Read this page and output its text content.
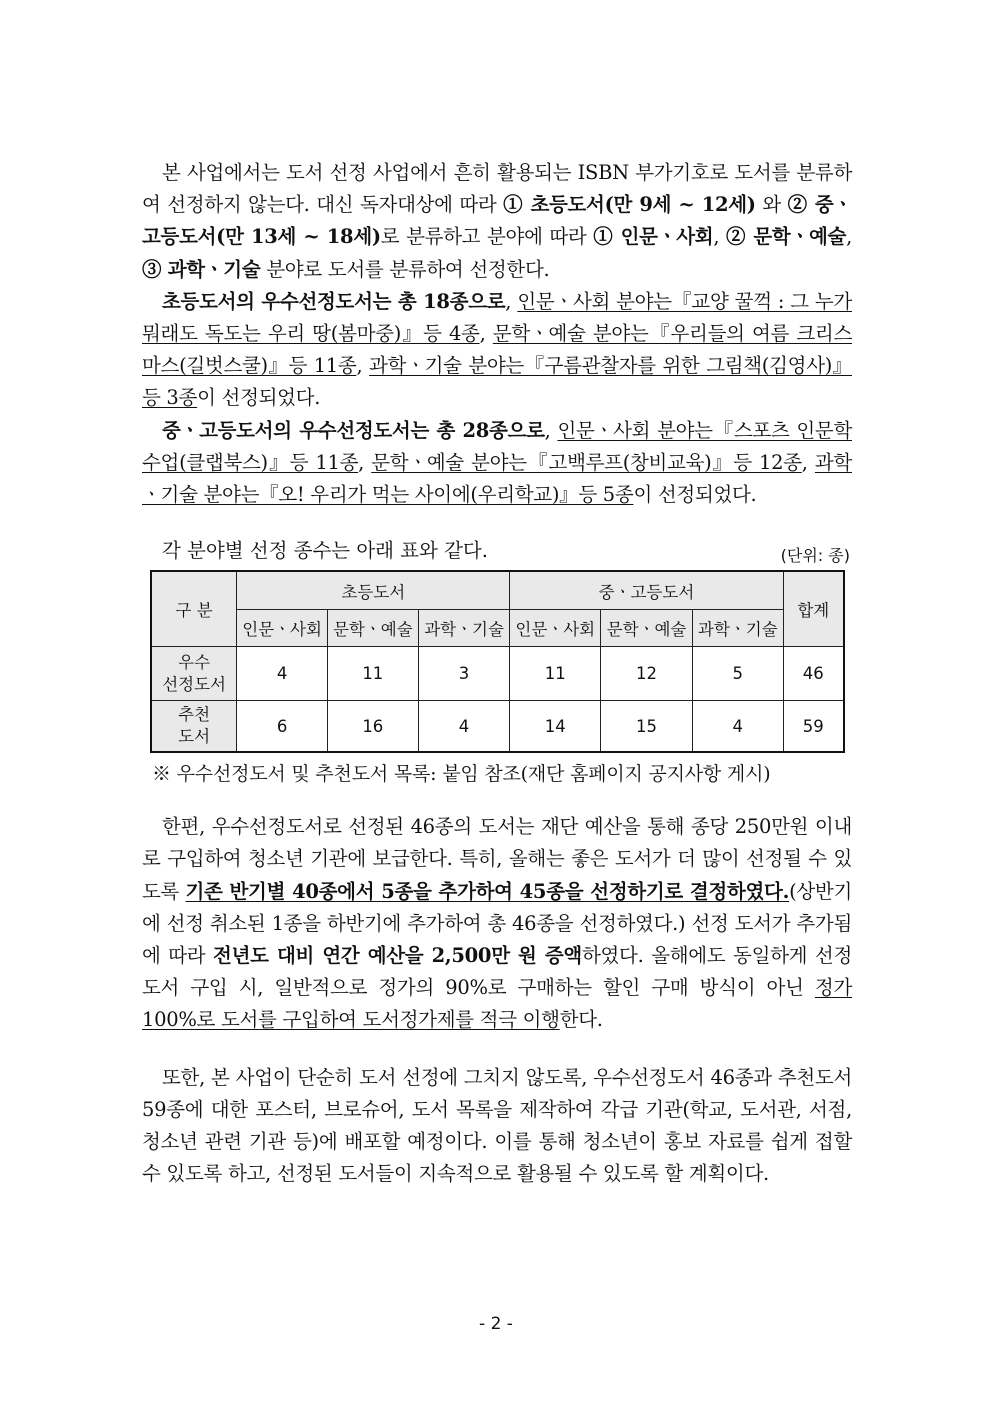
본 사업에서는 도서 선정 사업에서 흔히 활용되는 ISBN 부가기호로 도서를 분류하여 선정하지 않는다. 대신 독자대상에 따라 ① 초등도서(만 9세 ~ 12세) 와 ② 중ㆍ고등도서(만 13세 ~ 18세)로 분류하고 분야에 따라 ① 인문ㆍ사회, ② 문학ㆍ예술, ③ 과학ㆍ기술 분야로 도서를 분류하여 선정한다.

초등도서의 우수선정도서는 총 18종으로, 인문ㆍ사회 분야는『교양 꿀꺽 : 그 누가 뭐래도 독도는 우리 땅(봄마중)』등 4종, 문학ㆍ예술 분야는『우리들의 여름 크리스마스(길벗스쿨)』등 11종, 과학ㆍ기술 분야는『구름관찰자를 위한 그림책(김영사)』등 3종이 선정되었다.

중ㆍ고등도서의 우수선정도서는 총 28종으로, 인문ㆍ사회 분야는『스포츠 인문학 수업(클랩북스)』등 11종, 문학ㆍ예술 분야는『고백루프(창비교육)』등 12종, 과학ㆍ기술 분야는『오! 우리가 먹는 사이에(우리학교)』등 5종이 선정되었다.

각 분야별 선정 종수는 아래 표와 같다.	(단위: 종)
구 분	초등도서			중ㆍ고등도서			합계
	인문ㆍ사회	문학ㆍ예술	과학ㆍ기술	인문ㆍ사회	문학ㆍ예술	과학ㆍ기술	
우수
선정도서	4	11	3	11	12	5	46
추천
도서	6	16	4	14	15	4	59
※ 우수선정도서 및 추천도서 목록: 붙임 참조(재단 홈페이지 공지사항 게시)

한편, 우수선정도서로 선정된 46종의 도서는 재단 예산을 통해 종당 250만원 이내로 구입하여 청소년 기관에 보급한다. 특히, 올해는 좋은 도서가 더 많이 선정될 수 있도록 기존 반기별 40종에서 5종을 추가하여 45종을 선정하기로 결정하였다.(상반기에 선정 취소된 1종을 하반기에 추가하여 총 46종을 선정하였다.) 선정 도서가 추가됨에 따라 전년도 대비 연간 예산을 2,500만 원 증액하였다. 올해에도 동일하게 선정 도서 구입 시, 일반적으로 정가의 90%로 구매하는 할인 구매 방식이 아닌 정가 100%로 도서를 구입하여 도서정가제를 적극 이행한다.

또한, 본 사업이 단순히 도서 선정에 그치지 않도록, 우수선정도서 46종과 추천도서 59종에 대한 포스터, 브로슈어, 도서 목록을 제작하여 각급 기관(학교, 도서관, 서점, 청소년 관련 기관 등)에 배포할 예정이다. 이를 통해 청소년이 홍보 자료를 쉽게 접할 수 있도록 하고, 선정된 도서들이 지속적으로 활용될 수 있도록 할 계획이다.

- 2 -
